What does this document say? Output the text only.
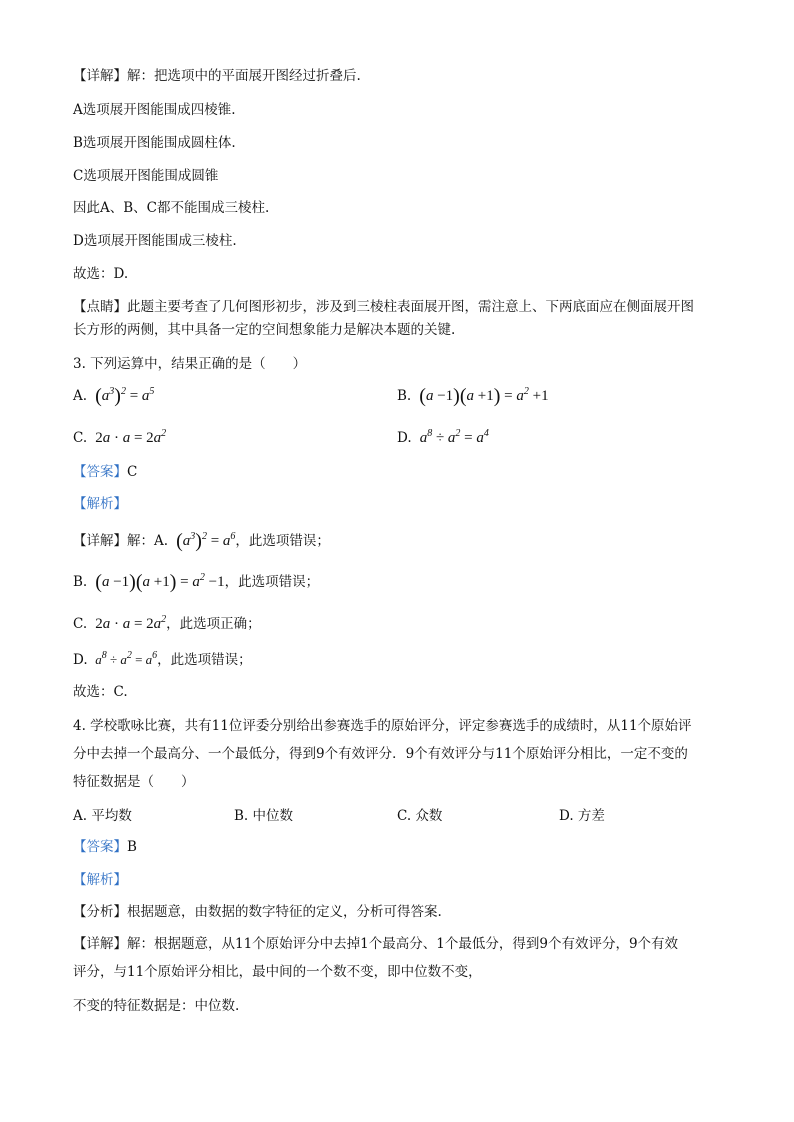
【详解】解：把选项中的平面展开图经过折叠后.
A选项展开图能围成四棱锥.
B选项展开图能围成圆柱体.
C选项展开图能围成圆锥
因此A、B、C都不能围成三棱柱.
D选项展开图能围成三棱柱.
故选：D.
【点睛】此题主要考查了几何图形初步，涉及到三棱柱表面展开图，需注意上、下两底面应在侧面展开图
长方形的两侧，其中具备一定的空间想象能力是解决本题的关键.
3. 下列运算中，结果正确的是（　　）
A. $(a^3)^2 = a^5$	B. $(a -1)(a +1) = a^2 +1$
C. $2a \cdot a = 2a^2$	D.  $a^8 \div a^2 = a^4$
【答案】C
【解析】
【详解】解：A. $(a^3)^2 = a^6$，此选项错误；
B. $(a -1)(a +1) = a^2 -1$，此选项错误；
C. $2a \cdot a = 2a^2$，此选项正确；
D.  $a^8 \div a^2 = a^6$，此选项错误；
故选：C.
4. 学校歌咏比赛，共有11位评委分别给出参赛选手的原始评分，评定参赛选手的成绩时，从11个原始评
分中去掉一个最高分、一个最低分，得到9个有效评分．9个有效评分与11个原始评分相比，一定不变的
特征数据是（　　）
A. 平均数	B. 中位数	C. 众数	D. 方差
【答案】B
【解析】
【分析】根据题意，由数据的数字特征的定义，分析可得答案.
【详解】解：根据题意，从11个原始评分中去掉1个最高分、1个最低分，得到9个有效评分，9个有效
评分，与11个原始评分相比，最中间的一个数不变，即中位数不变，
不变的特征数据是：中位数.
